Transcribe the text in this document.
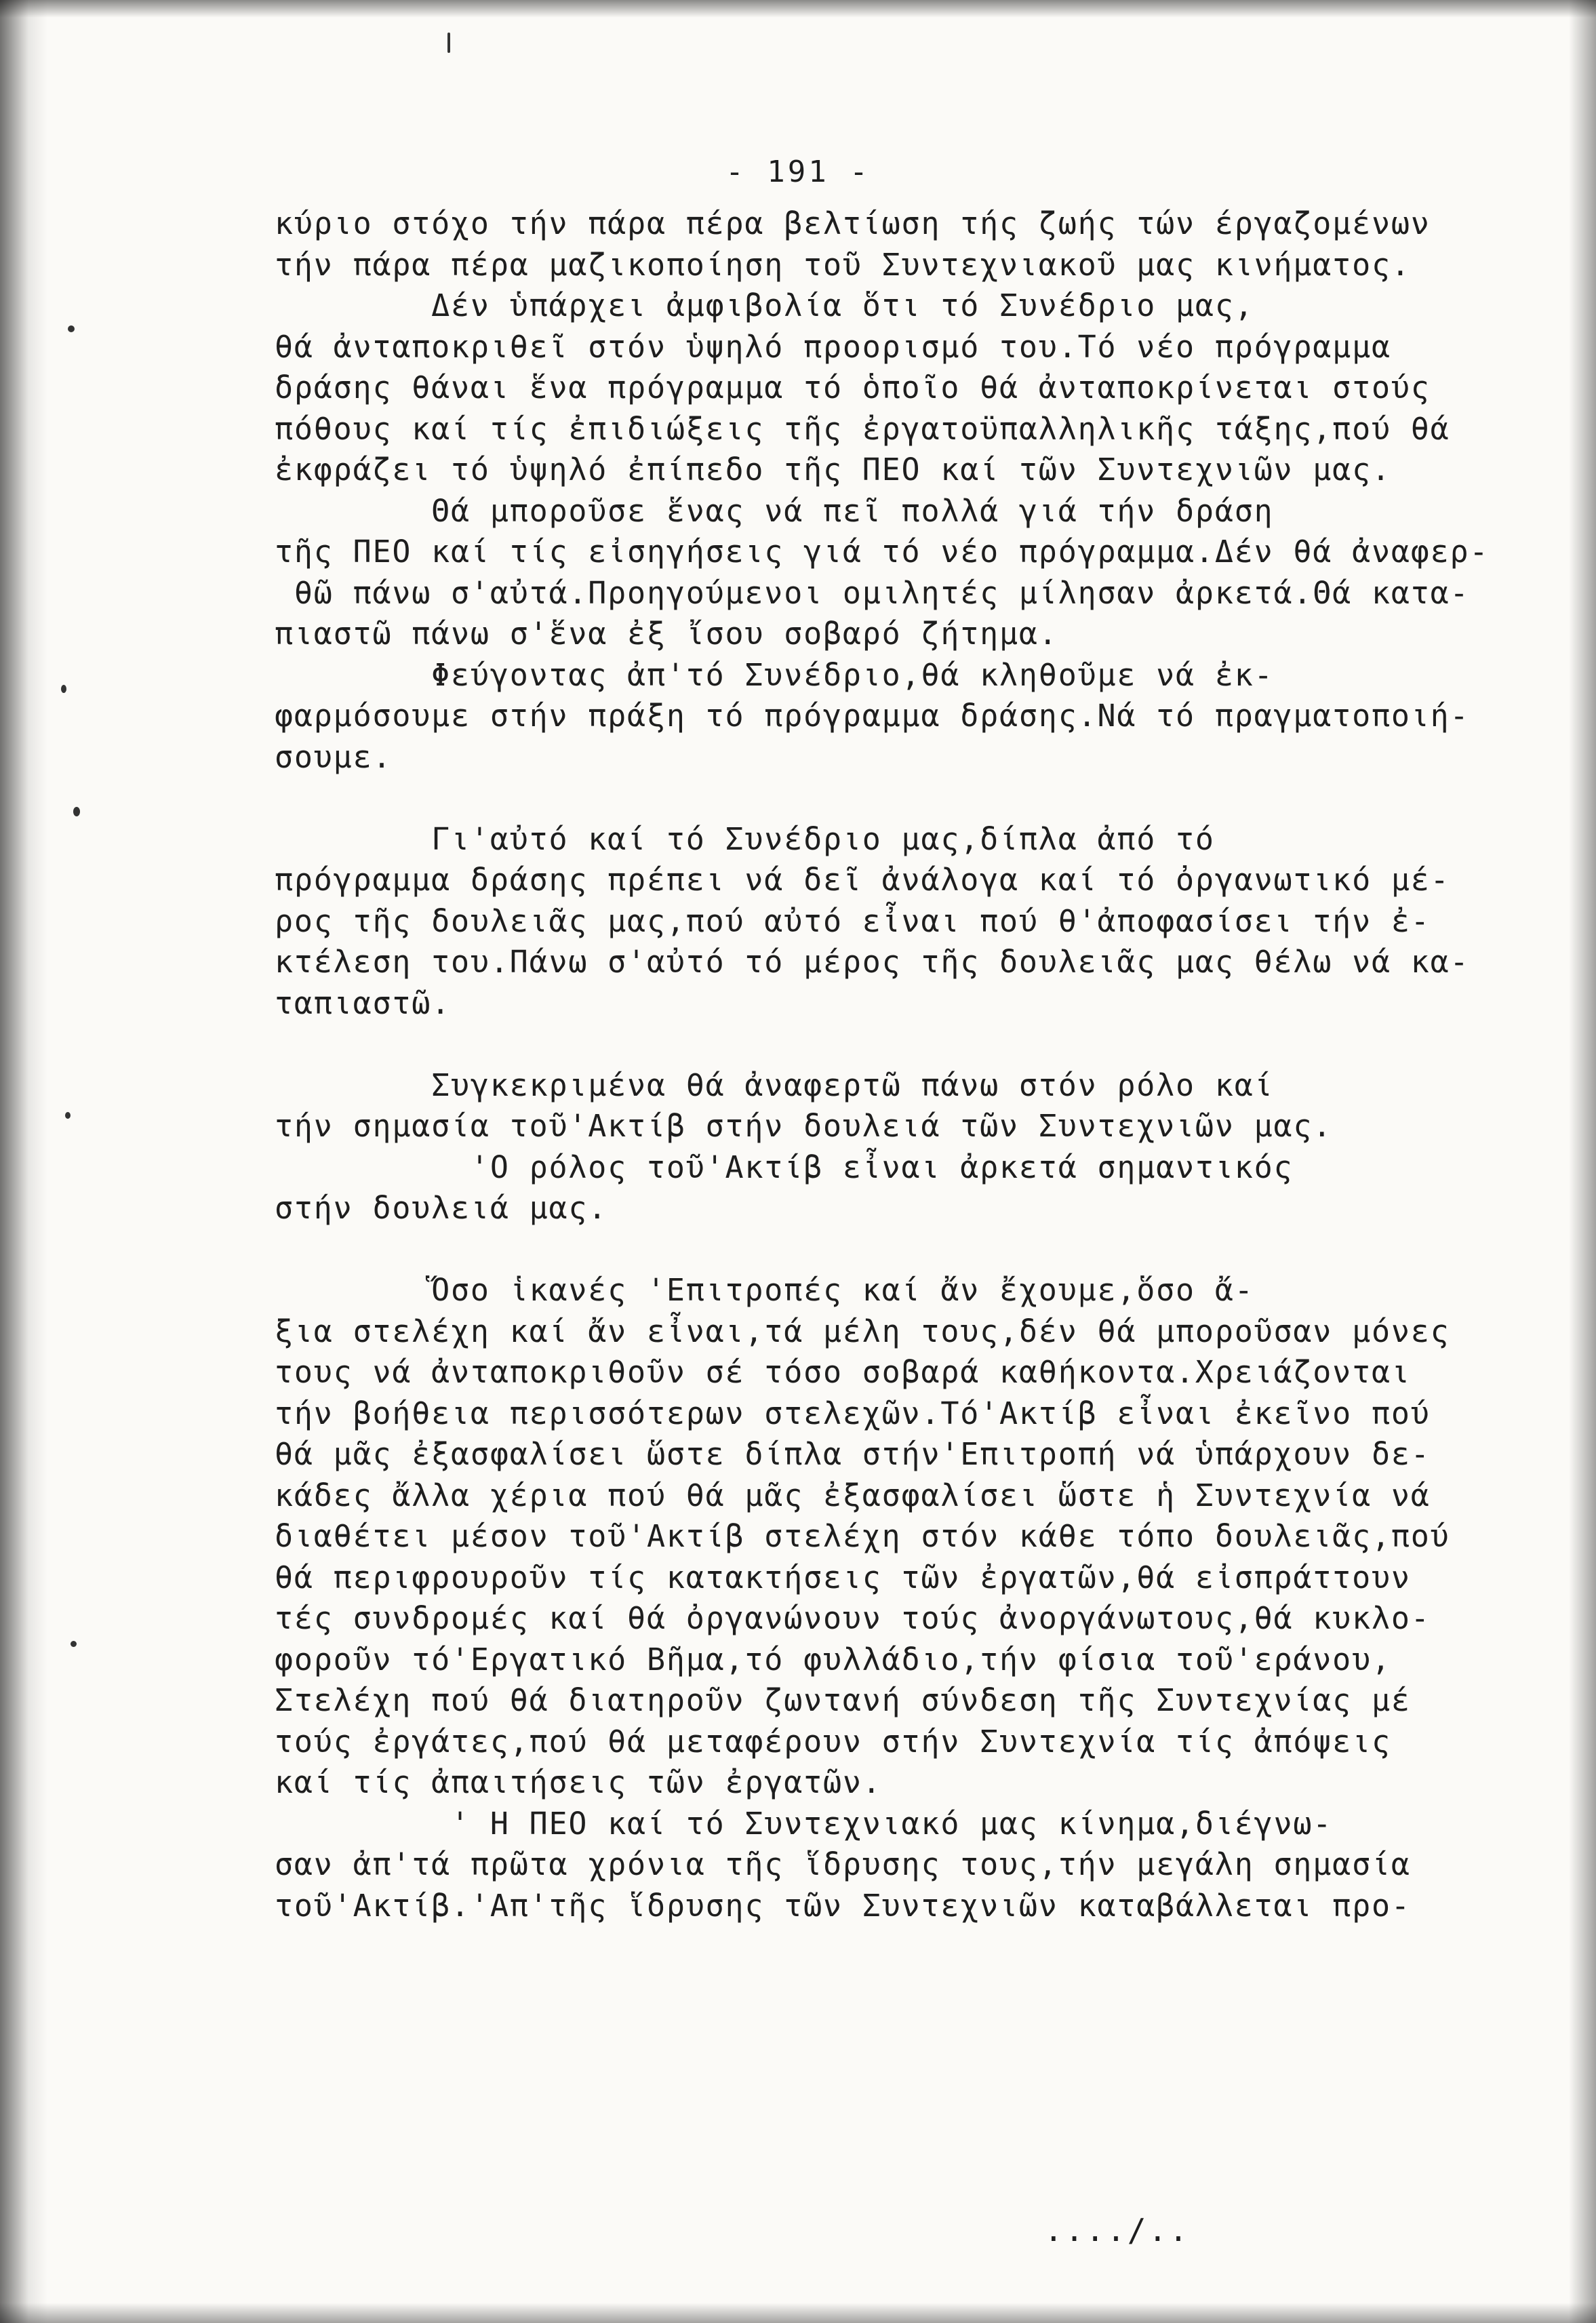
- 191 -
κύριο στόχο τήν πάρα πέρα βελτίωση τής ζωής τών έργαζομένων
τήν πάρα πέρα μαζικοποίηση τοῦ Συντεχνιακοῦ μας κινήματος.
Δέν ὑπάρχει ἀμφιβολία ὅτι τό Συνέδριο μας,
θά ἀνταποκριθεῖ στόν ὑψηλό προορισμό του.Τό νέο πρόγραμμα
δράσης θάναι ἕνα πρόγραμμα τό ὁποῖο θά ἀνταποκρίνεται στούς
πόθους καί τίς ἐπιδιώξεις τῆς ἐργατοϋπαλληλικῆς τάξης,πού θά
ἐκφράζει τό ὑψηλό ἐπίπεδο τῆς ΠΕΟ καί τῶν Συντεχνιῶν μας.
Θά μποροῦσε ἕνας νά πεῖ πολλά γιά τήν δράση
τῆς ΠΕΟ καί τίς εἰσηγήσεις γιά τό νέο πρόγραμμα.Δέν θά ἀναφερ-
θῶ πάνω σ'αὐτά.Προηγούμενοι ομιλητές μίλησαν ἀρκετά.Θά κατα-
πιαστῶ πάνω σ'ἕνα ἐξ ἴσου σοβαρό ζήτημα.
Φεύγοντας ἀπ'τό Συνέδριο,θά κληθοῦμε νά ἐκ-
φαρμόσουμε στήν πράξη τό πρόγραμμα δράσης.Νά τό πραγματοποιή-
σουμε.
Γι'αὐτό καί τό Συνέδριο μας,δίπλα ἀπό τό
πρόγραμμα δράσης πρέπει νά δεῖ ἀνάλογα καί τό ὀργανωτικό μέ-
ρος τῆς δουλειᾶς μας,πού αὐτό εἶναι πού θ'ἀποφασίσει τήν ἐ-
κτέλεση του.Πάνω σ'αὐτό τό μέρος τῆς δουλειᾶς μας θέλω νά κα-
ταπιαστῶ.
Συγκεκριμένα θά ἀναφερτῶ πάνω στόν ρόλο καί
τήν σημασία τοῦ'Ακτίβ στήν δουλειά τῶν Συντεχνιῶν μας.
'Ο ρόλος τοῦ'Ακτίβ εἶναι ἀρκετά σημαντικός
στήν δουλειά μας.
Ὅσο ἱκανές 'Επιτροπές καί ἄν ἔχουμε,ὅσο ἄ-
ξια στελέχη καί ἄν εἶναι,τά μέλη τους,δέν θά μποροῦσαν μόνες
τους νά ἀνταποκριθοῦν σέ τόσο σοβαρά καθήκοντα.Χρειάζονται
τήν βοήθεια περισσότερων στελεχῶν.Τό'Ακτίβ εἶναι ἐκεῖνο πού
θά μᾶς ἐξασφαλίσει ὥστε δίπλα στήν'Επιτροπή νά ὑπάρχουν δε-
κάδες ἄλλα χέρια πού θά μᾶς ἐξασφαλίσει ὥστε ἡ Συντεχνία νά
διαθέτει μέσον τοῦ'Ακτίβ στελέχη στόν κάθε τόπο δουλειᾶς,πού
θά περιφρουροῦν τίς κατακτήσεις τῶν ἐργατῶν,θά εἰσπράττουν
τές συνδρομές καί θά ὀργανώνουν τούς ἀνοργάνωτους,θά κυκλο-
φοροῦν τό'Εργατικό Βῆμα,τό φυλλάδιο,τήν φίσια τοῦ'εράνου,
Στελέχη πού θά διατηροῦν ζωντανή σύνδεση τῆς Συντεχνίας μέ
τούς ἐργάτες,πού θά μεταφέρουν στήν Συντεχνία τίς ἀπόψεις
καί τίς ἀπαιτήσεις τῶν ἐργατῶν.
' Η ΠΕΟ καί τό Συντεχνιακό μας κίνημα,διέγνω-
σαν ἀπ'τά πρῶτα χρόνια τῆς ἵδρυσης τους,τήν μεγάλη σημασία
τοῦ'Ακτίβ.'Απ'τῆς ἵδρυσης τῶν Συντεχνιῶν καταβάλλεται προ-
..../..
